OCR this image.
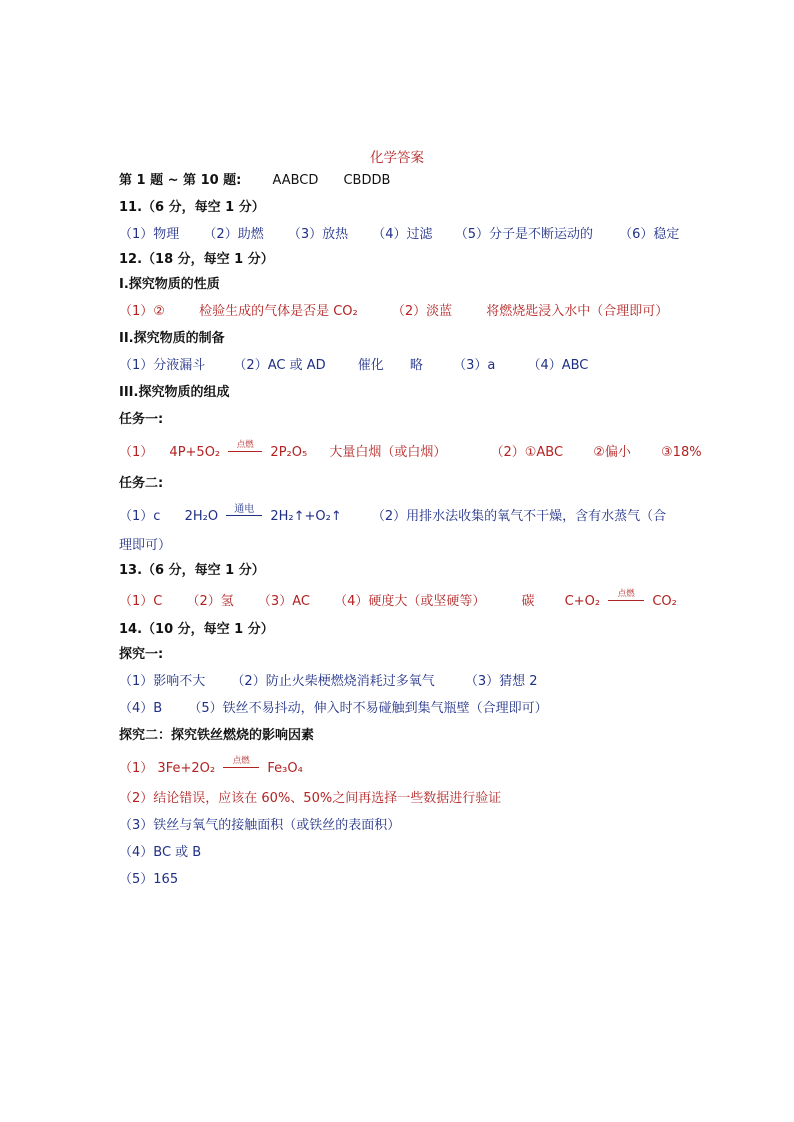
化学答案
第 1 题 ~ 第 10 题: AABCD CBDDB
11.（6 分，每空 1 分）
（1）物理 （2）助燃 （3）放热 （4）过滤 （5）分子是不断运动的 （6）稳定
12.（18 分，每空 1 分）
I.探究物质的性质
（1）②	检验生成的气体是否是 CO₂	（2）淡蓝	将燃烧匙浸入水中（合理即可）
II.探究物质的制备
（1）分液漏斗 （2）AC 或 AD 催化 略 （3）a （4）ABC
III.探究物质的组成
任务一:
（1） 4P+5O₂	点燃	2P₂O₅ 大量白烟（或白烟）	（2）①ABC ②偏小 ③18%
任务二:
（1）c 2H₂O	通电	2H₂↑+O₂↑ （2）用排水法收集的氧气不干燥，含有水蒸气（合
理即可）
13.（6 分，每空 1 分）
（1）C （2）氢 （3）AC （4）硬度大（或坚硬等）	碳 C+O₂	点燃	CO₂
14.（10 分，每空 1 分）
探究一:
（1）影响不大 （2）防止火柴梗燃烧消耗过多氧气 （3）猜想 2
（4）B （5）铁丝不易抖动，伸入时不易碰触到集气瓶壁（合理即可）
探究二：探究铁丝燃烧的影响因素
（1） 3Fe+2O₂	点燃	Fe₃O₄
（2）结论错误，应该在 60%、50%之间再选择一些数据进行验证
（3）铁丝与氧气的接触面积（或铁丝的表面积）
（4）BC 或 B
（5）165
